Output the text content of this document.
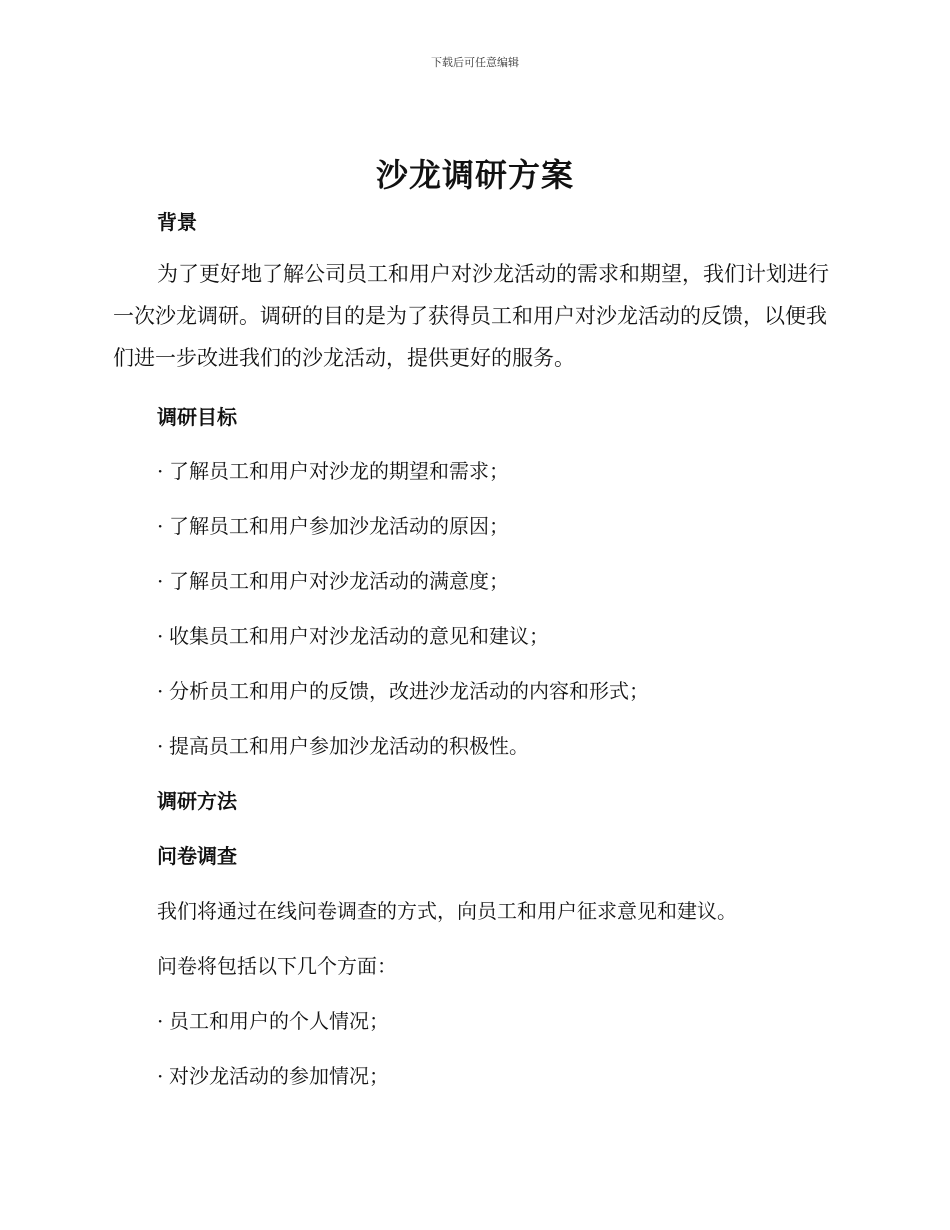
下载后可任意编辑
沙龙调研方案
背景
为了更好地了解公司员工和用户对沙龙活动的需求和期望，我们计划进行一次沙龙调研。调研的目的是为了获得员工和用户对沙龙活动的反馈，以便我们进一步改进我们的沙龙活动，提供更好的服务。
调研目标
· 了解员工和用户对沙龙的期望和需求；
· 了解员工和用户参加沙龙活动的原因；
· 了解员工和用户对沙龙活动的满意度；
· 收集员工和用户对沙龙活动的意见和建议；
· 分析员工和用户的反馈，改进沙龙活动的内容和形式；
· 提高员工和用户参加沙龙活动的积极性。
调研方法
问卷调查
我们将通过在线问卷调查的方式，向员工和用户征求意见和建议。
问卷将包括以下几个方面：
· 员工和用户的个人情况；
· 对沙龙活动的参加情况；
